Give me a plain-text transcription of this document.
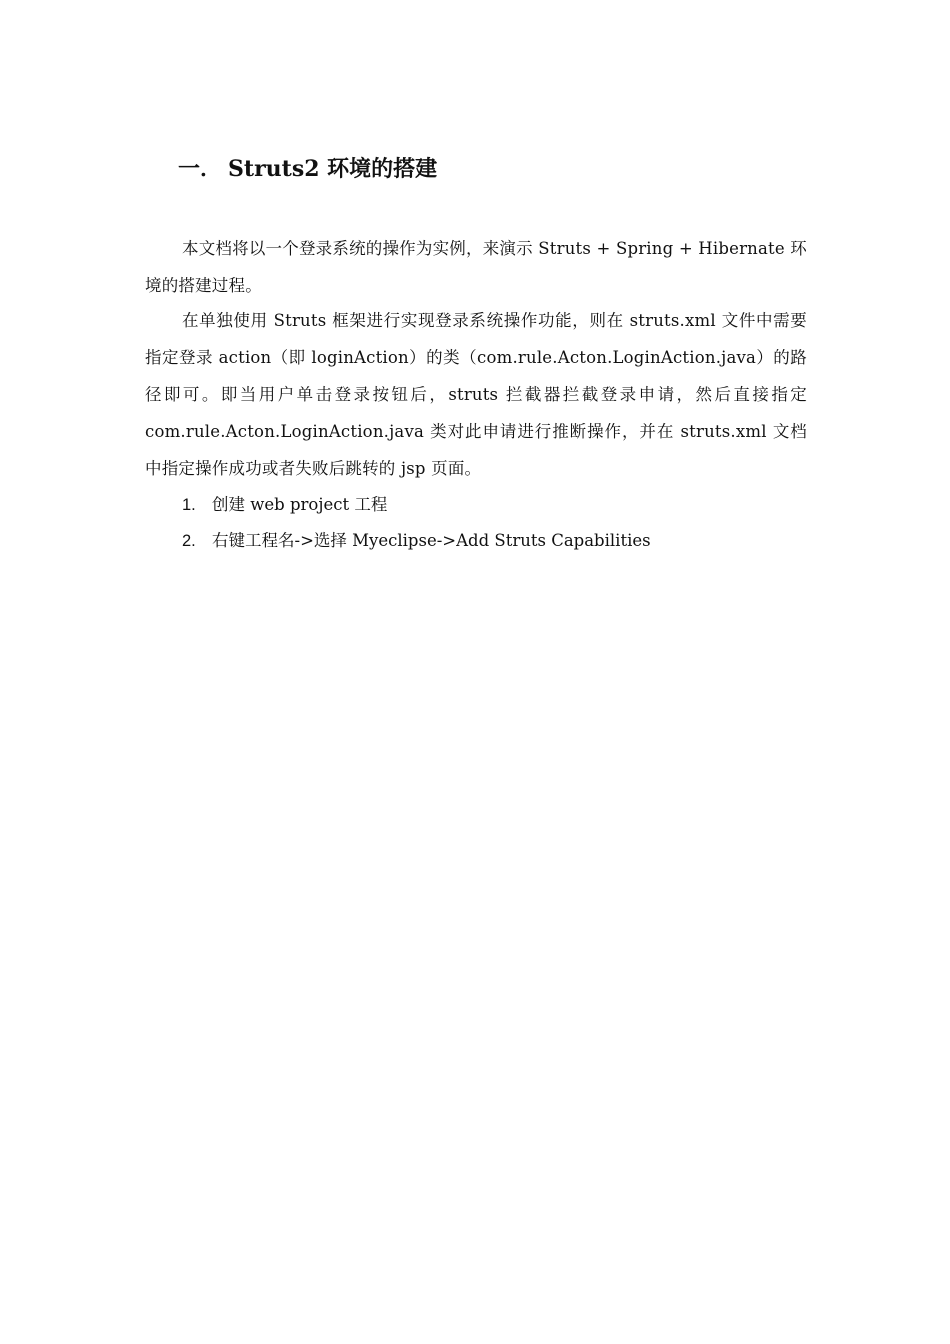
一． Struts2 环境的搭建

本文档将以一个登录系统的操作为实例，来演示 Struts + Spring + Hibernate 环境的搭建过程。

在单独使用 Struts 框架进行实现登录系统操作功能，则在 struts.xml 文件中需要指定登录 action（即 loginAction）的类（com.rule.Acton.LoginAction.java）的路径即可。即当用户单击登录按钮后，struts 拦截器拦截登录申请，然后直接指定 com.rule.Acton.LoginAction.java 类对此申请进行推断操作，并在 struts.xml 文档中指定操作成功或者失败后跳转的 jsp 页面。

1. 创建 web project 工程
2. 右键工程名->选择 Myeclipse->Add Struts Capabilities
